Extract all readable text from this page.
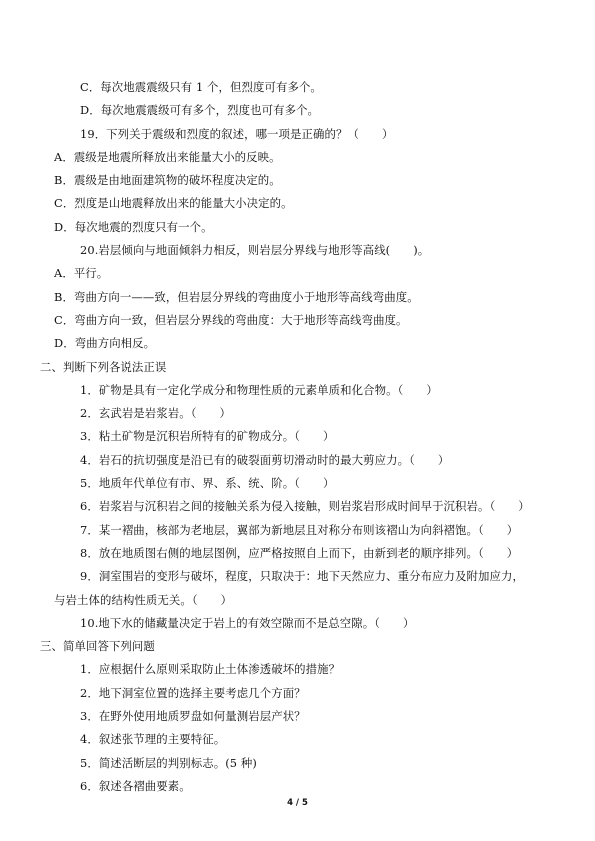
C．每次地震震级只有 1 个，但烈度可有多个。
D．每次地震震级可有多个，烈度也可有多个。
19．下列关于震级和烈度的叙述，哪一项是正确的？（　　）
A．震级是地震所释放出来能量大小的反映。
B．震级是由地面建筑物的破坏程度决定的。
C．烈度是山地震释放出来的能量大小决定的。
D．每次地震的烈度只有一个。
20.岩层倾向与地面倾斜力相反，则岩层分界线与地形等高线(　　)。
A．平行。
B．弯曲方向一——致，但岩层分界线的弯曲度小于地形等高线弯曲度。
C．弯曲方向一致，但岩层分界线的弯曲度：大于地形等高线弯曲度。
D．弯曲方向相反。
二、判断下列各说法正误
1．矿物是具有一定化学成分和物理性质的元素单质和化合物。（　　）
2．玄武岩是岩浆岩。（　　）
3．粘土矿物是沉积岩所特有的矿物成分。（　　）
4．岩石的抗切强度是沿已有的破裂面剪切滑动时的最大剪应力。（　　）
5．地质年代单位有市、界、系、统、阶。（　　）
6．岩浆岩与沉积岩之间的接触关系为侵入接触，则岩浆岩形成时间早于沉积岩。（　　）
7．某一褶曲，核部为老地层，翼部为新地层且对称分布则该褶山为向斜褶饱。（　　）
8．放在地质图右侧的地层图例，应严格按照自上而下，由新到老的顺序排列。（　　）
9．洞室围岩的变形与破坏，程度，只取决于：地下天然应力、重分布应力及附加应力，
与岩土体的结构性质无关。（　　）
10.地下水的储藏量决定于岩上的有效空隙而不是总空隙。（　　）
三、简单回答下列问题
1．应根据什么原则采取防止土体渗透破坏的措施？
2．地下洞室位置的选择主要考虑几个方面？
3．在野外使用地质罗盘如何量测岩层产状？
4．叙述张节理的主要特征。
5．简述活断层的判别标志。(5 种)
6．叙述各褶曲要素。
4 / 5
